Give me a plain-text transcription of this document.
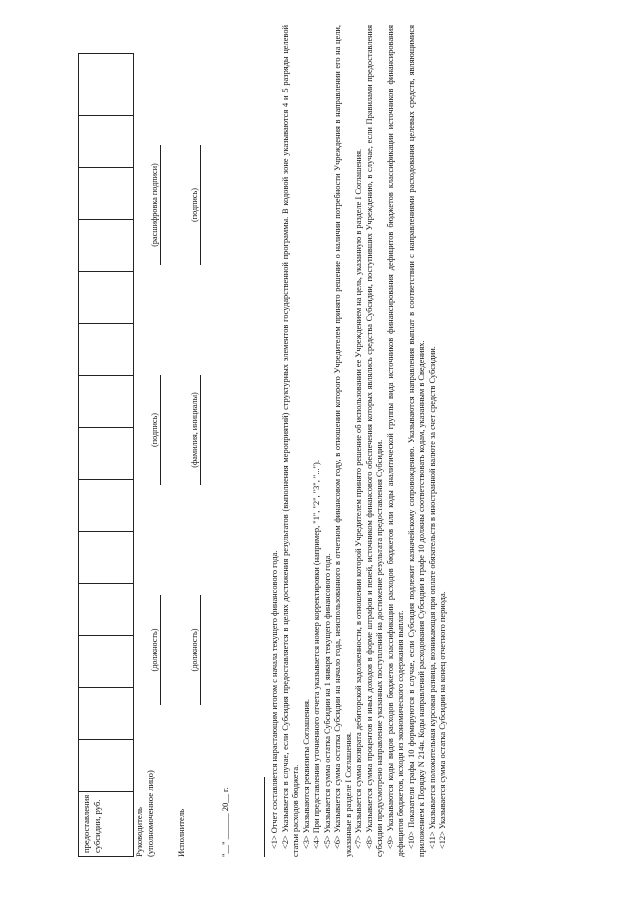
предоставления субсидии, руб.															Руководитель (уполномоченное лицо)
(должность)
(подпись)
(расшифровка подписи)
Исполнитель
(должность)
(фамилия, инициалы)
(подпись)
"__" ______ 20__ г.	<1> Отчет составляется нарастающим итогом с начала текущего финансового года. <2> Указывается в случае, если Субсидия предоставляется в целях достижения результатов (выполнения мероприятий) структурных элементов государственной программы. В кодовой зоне указываются 4 и 5 разряды целевой статьи расходов бюджета. <3> Указываются реквизиты Соглашения. <4> При представлении уточненного отчета указывается номер корректировки (например, "1", "2", "3", "..."). <5> Указывается сумма остатка Субсидии на 1 января текущего финансового года. <6> Указывается сумма остатка Субсидии на начало года, неиспользованного в отчетном финансовом году, в отношении которого Учредителем принято решение о наличии потребности Учреждения в направлении его на цели, указанные в разделе I Соглашения. <7> Указывается сумма возврата дебиторской задолженности, в отношении которой Учредителем принято решение об использовании ее Учреждением на цель, указанную в разделе I Соглашения. <8> Указывается сумма процентов и иных доходов в форме штрафов и пеней, источником финансового обеспечения которых являлись средства Субсидии, поступивших Учреждению, в случае, если Правилами предоставления субсидии предусмотрено направление указанных поступлений на достижение результата предоставления Субсидии. <9> Указываются коды видов расходов бюджетов классификации расходов бюджетов или коды аналитической группы вида источников финансирования дефицитов бюджетов классификации источников финансирования дефицитов бюджетов, исходя из экономического содержания выплат. <10> Показатели графы 10 формируются в случае, если Субсидия подлежит казначейскому сопровождению. Указываются направления выплат в соответствии с направлениями расходования целевых средств, являющимися приложением к Порядку N 214н. Коды направлений расходования Субсидии в графе 10 должны соответствовать кодам, указанным в Сведениях. <11> Указывается положительная курсовая разница, возникающая при оплате обязательств в иностранной валюте за счет средств Субсидии. <12> Указывается сумма остатка Субсидии на конец отчетного периода.
